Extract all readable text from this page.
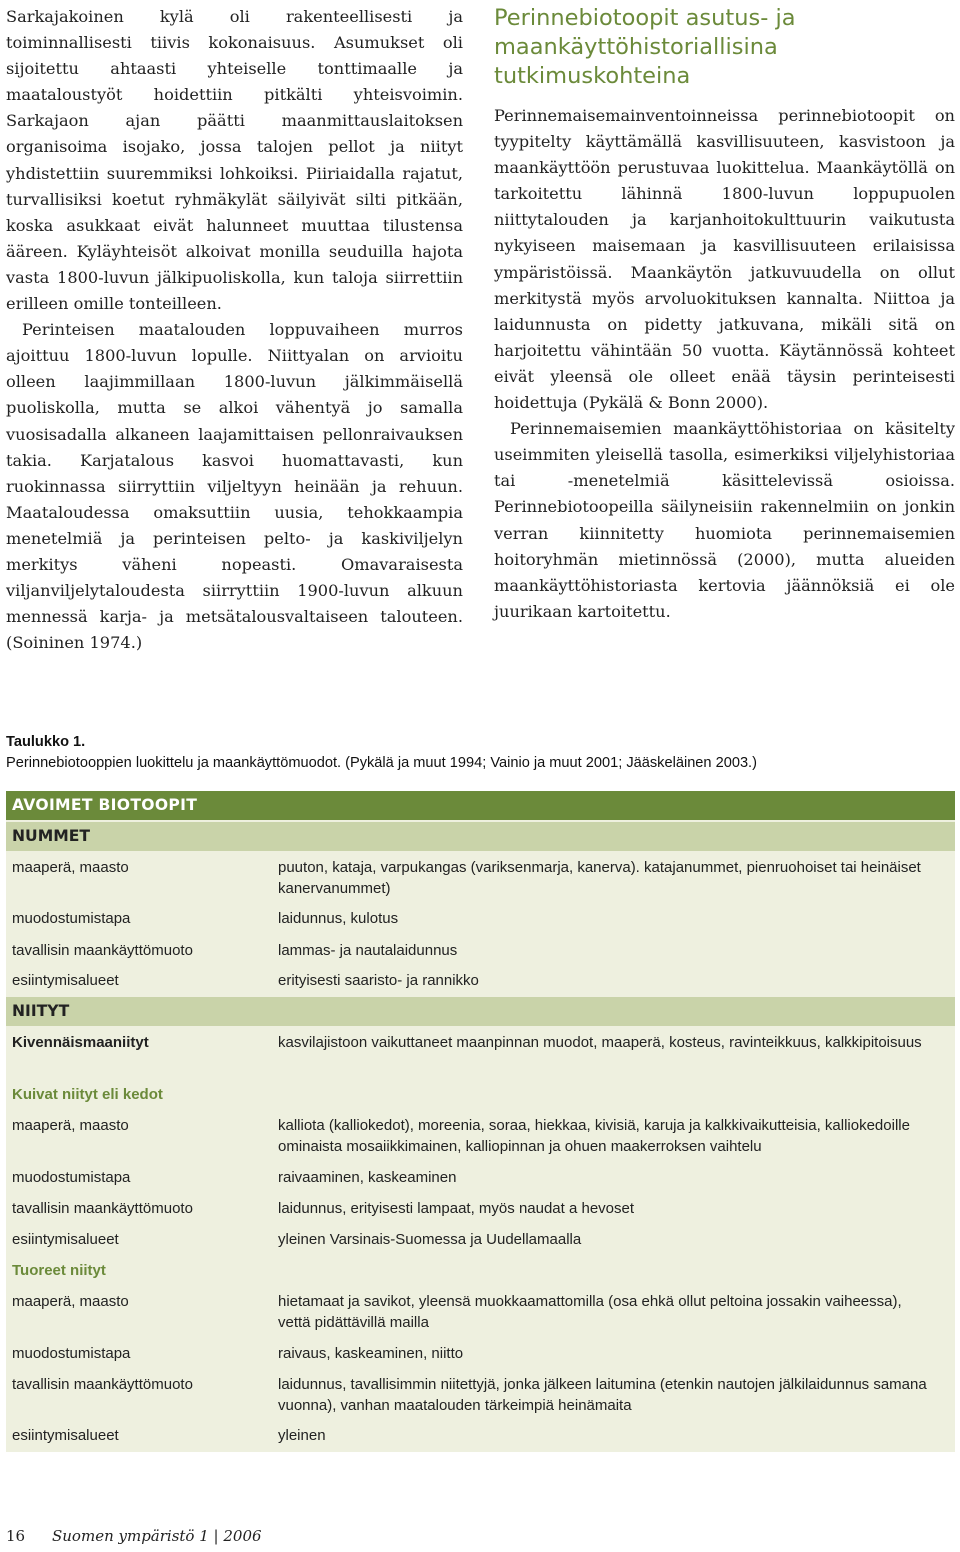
Sarkajakoinen kylä oli rakenteellisesti ja toiminnallisesti tiivis kokonaisuus. Asumukset oli sijoitettu ahtaasti yhteiselle tonttimaalle ja maataloustyöt hoidettiin pitkälti yhteisvoimin. Sarkajaon ajan päätti maanmittauslaitoksen organisoima isojako, jossa talojen pellot ja niityt yhdistettiin suuremmiksi lohkoiksi. Piiriaidalla rajatut, turvallisiksi koetut ryhmäkylät säilyivät silti pitkään, koska asukkaat eivät halunneet muuttaa tilustensa ääreen. Kyläyhteisöt alkoivat monilla seuduilla hajota vasta 1800-luvun jälkipuoliskolla, kun taloja siirrettiin erilleen omille tonteilleen.

Perinteisen maatalouden loppuvaiheen murros ajoittuu 1800-luvun lopulle. Niittyalan on arvioitu olleen laajimmillaan 1800-luvun jälkimmäisellä puoliskolla, mutta se alkoi vähentyä jo samalla vuosisadalla alkaneen laajamittaisen pellonraivauksen takia. Karjatalous kasvoi huomattavasti, kun ruokinnassa siirryttiin viljeltyyn heinään ja rehuun. Maataloudessa omaksuttiin uusia, tehokkaampia menetelmiä ja perinteisen pelto- ja kaskiviljelyn merkitys väheni nopeasti. Omavaraisesta viljanviljelytaloudesta siirryttiin 1900-luvun alkuun mennessä karja- ja metsätalousvaltaiseen talouteen. (Soininen 1974.)

Perinnebiotoopit asutus- ja maankäyttöhistoriallisina tutkimuskohteina

Perinnemaisemainventoinneissa perinnebiotoopit on tyypitelty käyttämällä kasvillisuuteen, kasvistoon ja maankäyttöön perustuvaa luokittelua. Maankäytöllä on tarkoitettu lähinnä 1800-luvun loppupuolen niittytalouden ja karjanhoitokulttuurin vaikutusta nykyiseen maisemaan ja kasvillisuuteen erilaisissa ympäristöissä. Maankäytön jatkuvuudella on ollut merkitystä myös arvoluokituksen kannalta. Niittoa ja laidunnusta on pidetty jatkuvana, mikäli sitä on harjoitettu vähintään 50 vuotta. Käytännössä kohteet eivät yleensä ole olleet enää täysin perinteisesti hoidettuja (Pykälä & Bonn 2000).

Perinnemaisemien maankäyttöhistoriaa on käsitelty useimmiten yleisellä tasolla, esimerkiksi viljelyhistoriaa tai -menetelmiä käsittelevissä osioissa. Perinnebiotoopeilla säilyneisiin rakennelmiin on jonkin verran kiinnitetty huomiota perinnemaisemien hoitoryhmän mietinnössä (2000), mutta alueiden maankäyttöhistoriasta kertovia jäännöksiä ei ole juurikaan kartoitettu.

Taulukko 1.
Perinnebiotooppien luokittelu ja maankäyttömuodot. (Pykälä ja muut 1994; Vainio ja muut 2001; Jääskeläinen 2003.)
AVOIMET BIOTOOPIT
NUMMET
maaperä, maasto	puuton, kataja, varpukangas (variksenmarja, kanerva). katajanummet, pienruohoiset tai heinäiset kanervanummet)
muodostumistapa	laidunnus, kulotus
tavallisin maankäyttömuoto	lammas- ja nautalaidunnus
esiintymisalueet	erityisesti saaristo- ja rannikko
NIITYT
Kivennäismaaniityt	kasvilajistoon vaikuttaneet maanpinnan muodot, maaperä, kosteus, ravinteikkuus, kalkkipitoisuus
Kuivat niityt eli kedot
maaperä, maasto	kalliota (kalliokedot), moreenia, soraa, hiekkaa, kivisiä, karuja ja kalkkivaikutteisia, kalliokedoille ominaista mosaiikkimainen, kalliopinnan ja ohuen maakerroksen vaihtelu
muodostumistapa	raivaaminen, kaskeaminen
tavallisin maankäyttömuoto	laidunnus, erityisesti lampaat, myös naudat a hevoset
esiintymisalueet	yleinen Varsinais-Suomessa ja Uudellamaalla
Tuoreet niityt
maaperä, maasto	hietamaat ja savikot, yleensä muokkaamattomilla (osa ehkä ollut peltoina jossakin vaiheessa), vettä pidättävillä mailla
muodostumistapa	raivaus, kaskeaminen, niitto
tavallisin maankäyttömuoto	laidunnus, tavallisimmin niitettyjä, jonka jälkeen laitumina (etenkin nautojen jälkilaidunnus samana vuonna), vanhan maatalouden tärkeimpiä heinämaita
esiintymisalueet	yleinen
16 Suomen ympäristö 1 | 2006
